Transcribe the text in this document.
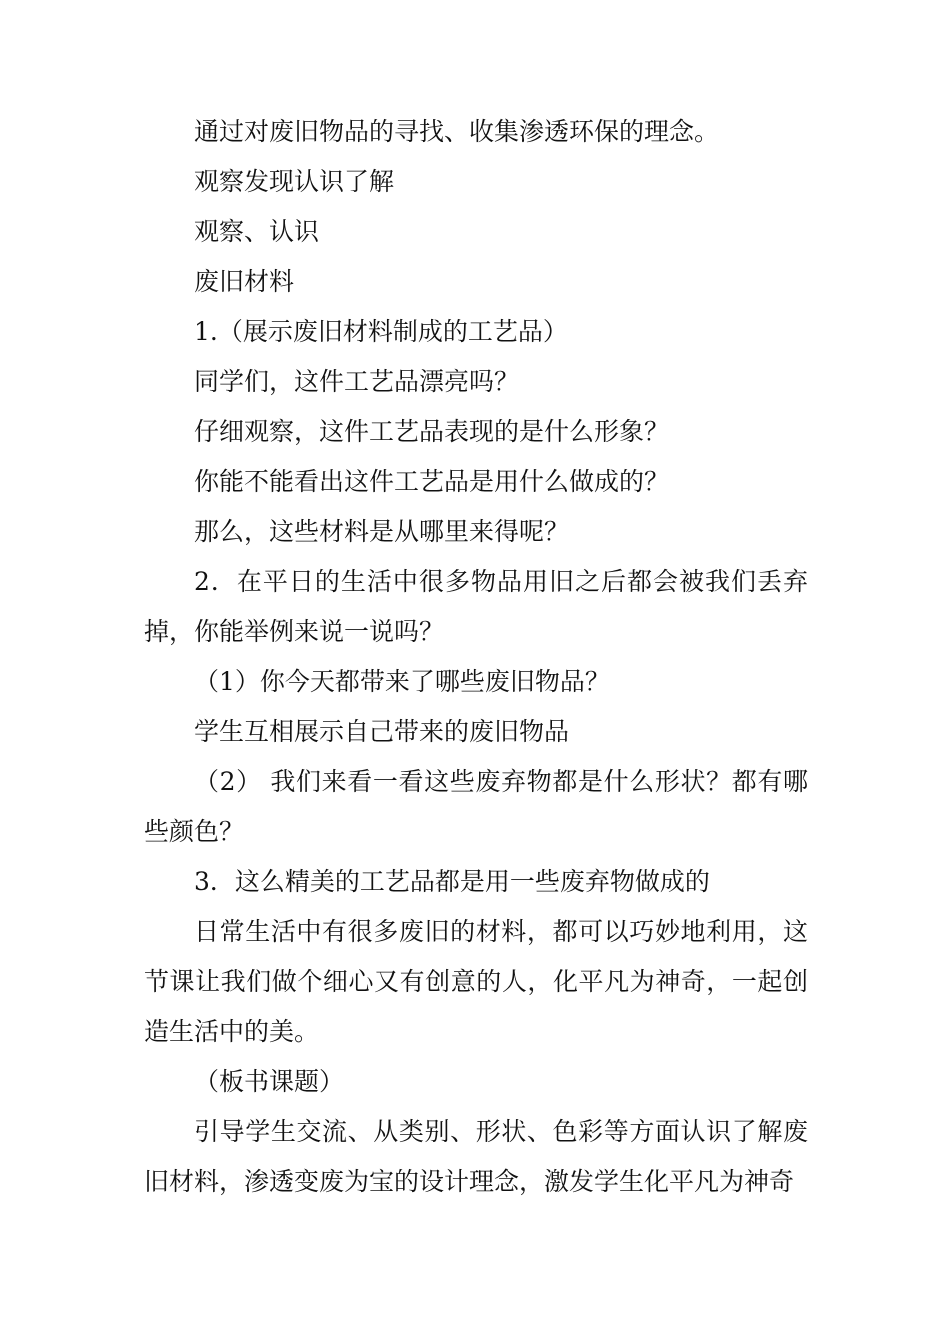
通过对废旧物品的寻找、收集渗透环保的理念。

观察发现认识了解

观察、认识

废旧材料

1.（展示废旧材料制成的工艺品）

同学们，这件工艺品漂亮吗？

仔细观察，这件工艺品表现的是什么形象？

你能不能看出这件工艺品是用什么做成的？

那么，这些材料是从哪里来得呢？

2．在平日的生活中很多物品用旧之后都会被我们丢弃掉，你能举例来说一说吗？

（1）你今天都带来了哪些废旧物品？

学生互相展示自己带来的废旧物品

（2） 我们来看一看这些废弃物都是什么形状？都有哪些颜色？

3．这么精美的工艺品都是用一些废弃物做成的

日常生活中有很多废旧的材料，都可以巧妙地利用，这节课让我们做个细心又有创意的人，化平凡为神奇，一起创造生活中的美。

（板书课题）

引导学生交流、从类别、形状、色彩等方面认识了解废旧材料，渗透变废为宝的设计理念，激发学生化平凡为神奇
